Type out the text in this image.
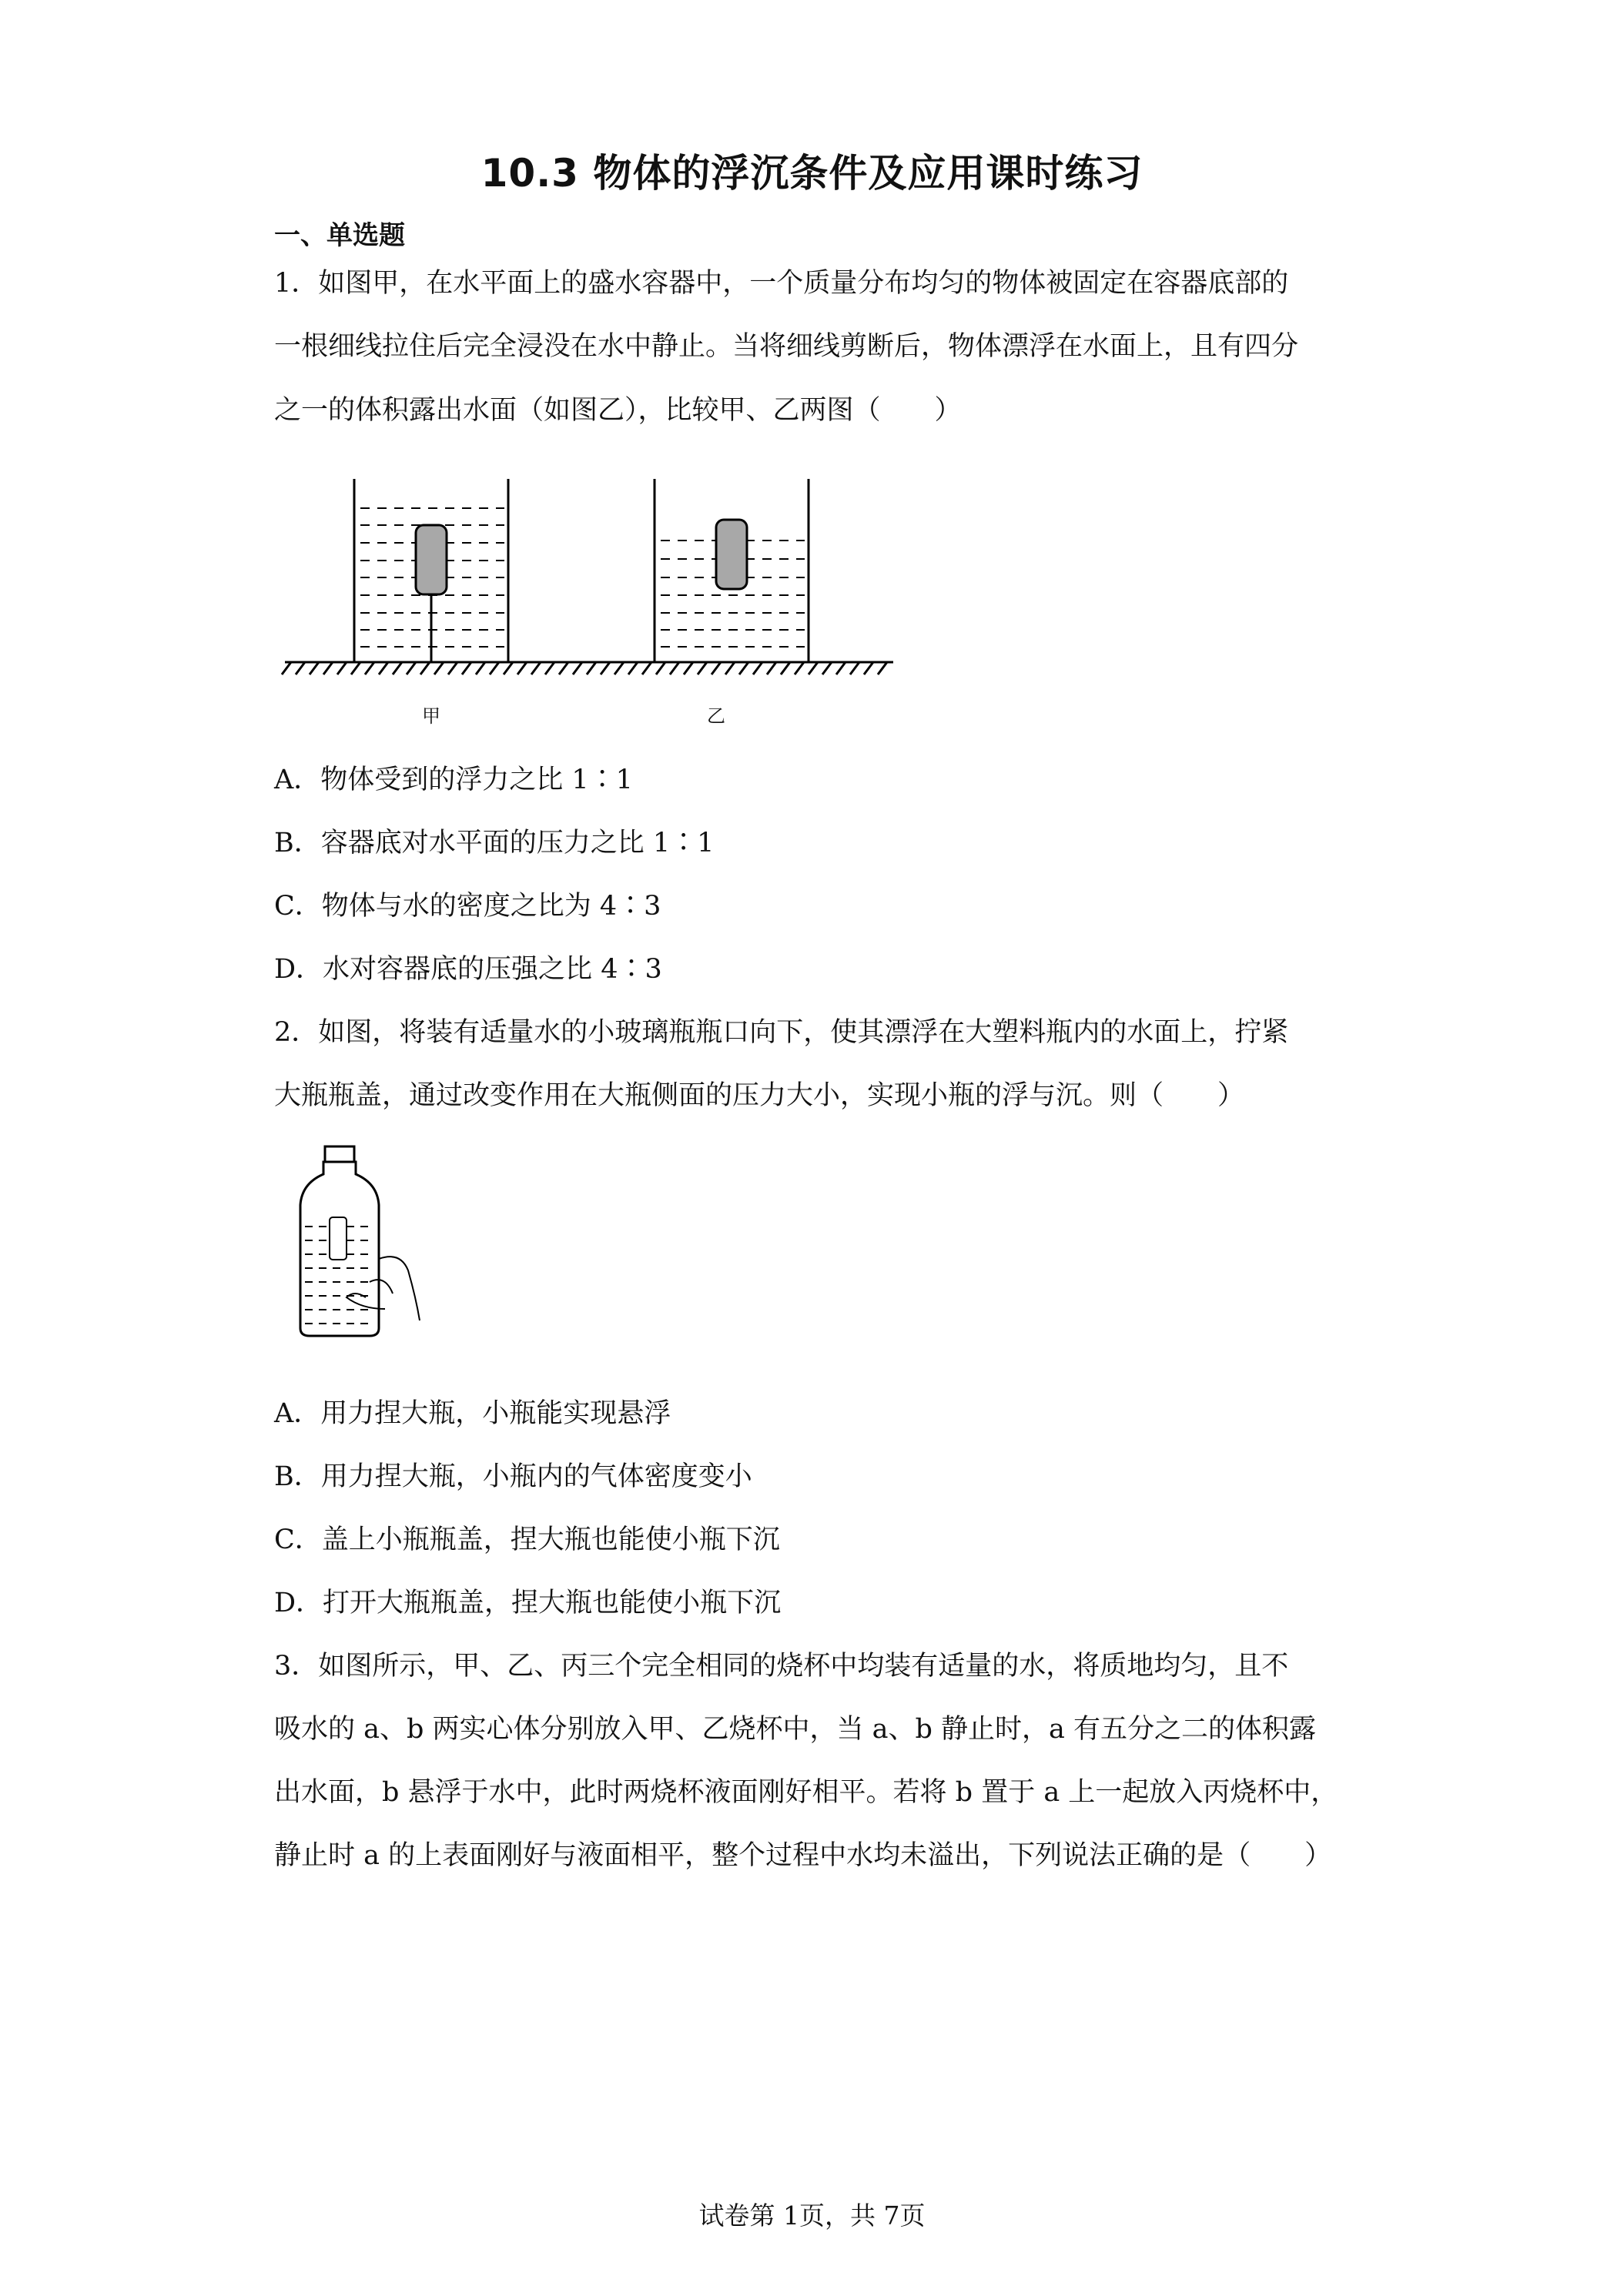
10.3 物体的浮沉条件及应用课时练习
一、单选题
1．如图甲，在水平面上的盛水容器中，一个质量分布均匀的物体被固定在容器底部的
一根细线拉住后完全浸没在水中静止。当将细线剪断后，物体漂浮在水面上，且有四分
之一的体积露出水面（如图乙），比较甲、乙两图（　　）
甲	乙
A．物体受到的浮力之比 1∶1
B．容器底对水平面的压力之比 1∶1
C．物体与水的密度之比为 4∶3
D．水对容器底的压强之比 4∶3
2．如图，将装有适量水的小玻璃瓶瓶口向下，使其漂浮在大塑料瓶内的水面上，拧紧
大瓶瓶盖，通过改变作用在大瓶侧面的压力大小，实现小瓶的浮与沉。则（　　）
A．用力捏大瓶，小瓶能实现悬浮
B．用力捏大瓶，小瓶内的气体密度变小
C．盖上小瓶瓶盖，捏大瓶也能使小瓶下沉
D．打开大瓶瓶盖，捏大瓶也能使小瓶下沉
3．如图所示，甲、乙、丙三个完全相同的烧杯中均装有适量的水，将质地均匀，且不
吸水的 a、b 两实心体分别放入甲、乙烧杯中，当 a、b 静止时，a 有五分之二的体积露
出水面，b 悬浮于水中，此时两烧杯液面刚好相平。若将 b 置于 a 上一起放入丙烧杯中，
静止时 a 的上表面刚好与液面相平，整个过程中水均未溢出，下列说法正确的是（　　）
试卷第 1页，共 7页
